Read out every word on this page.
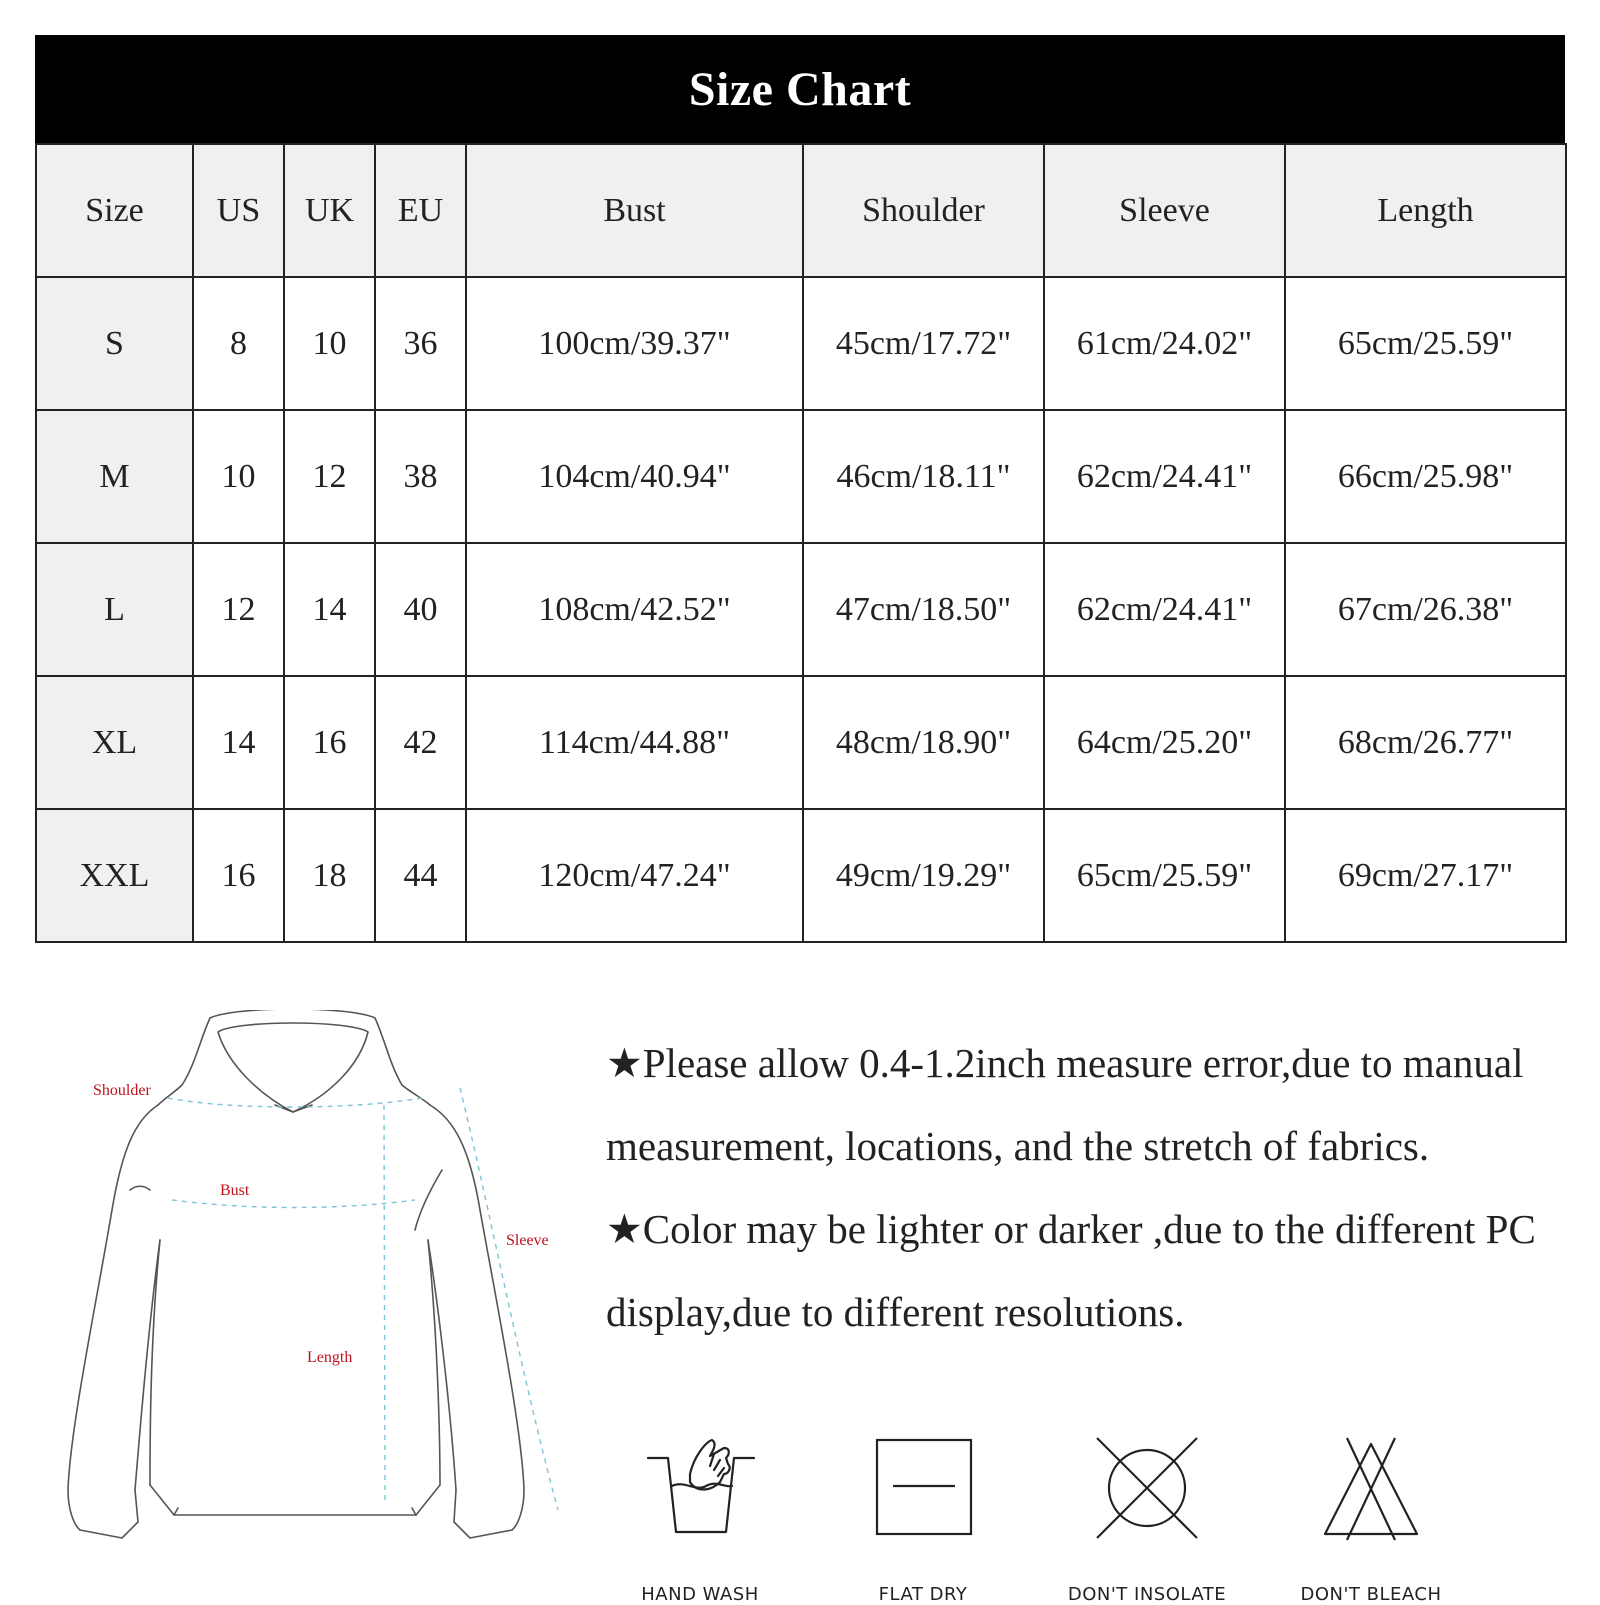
Size Chart
Size	US	UK	EU	Bust	Shoulder	Sleeve	Length
S	8	10	36	100cm/39.37"	45cm/17.72"	61cm/24.02"	65cm/25.59"
M	10	12	38	104cm/40.94"	46cm/18.11"	62cm/24.41"	66cm/25.98"
L	12	14	40	108cm/42.52"	47cm/18.50"	62cm/24.41"	67cm/26.38"
XL	14	16	42	114cm/44.88"	48cm/18.90"	64cm/25.20"	68cm/26.77"
XXL	16	18	44	120cm/47.24"	49cm/19.29"	65cm/25.59"	69cm/27.17"
Shoulder
Bust
Sleeve
Length

★Please allow 0.4-1.2inch measure error,due to manual measurement, locations, and the stretch of fabrics.

★Color may be lighter or darker ,due to the different PC display,due to different resolutions.

HAND WASH	FLAT DRY	DON'T INSOLATE	DON'T BLEACH
